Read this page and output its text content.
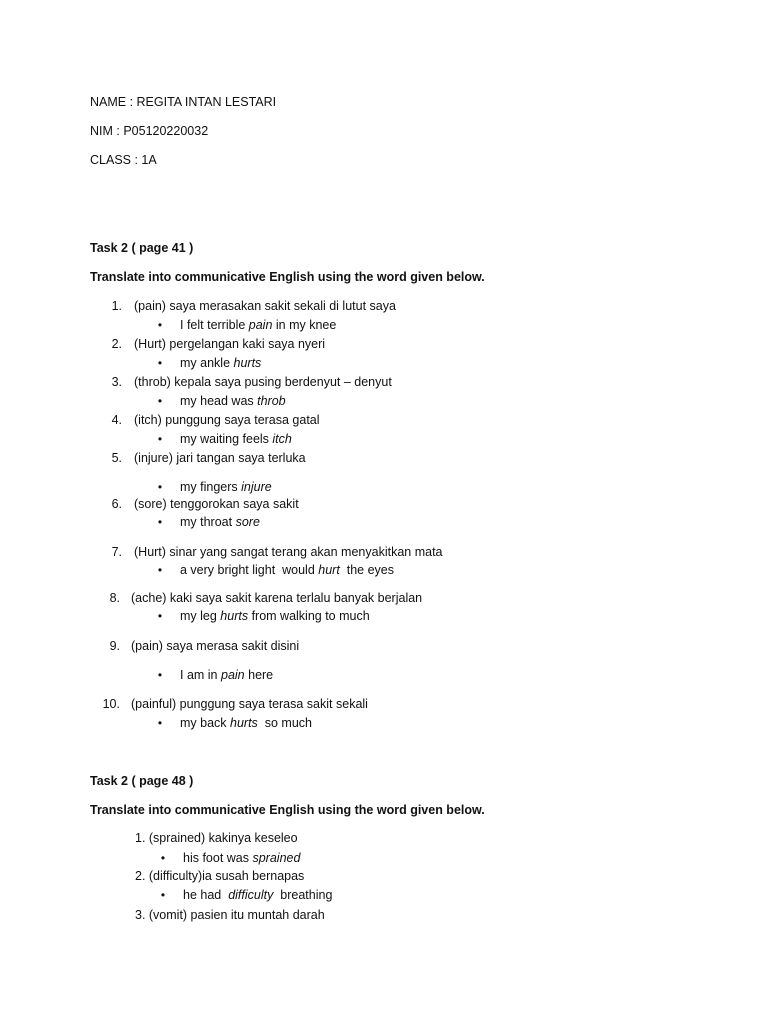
NAME : REGITA INTAN LESTARI
NIM : P05120220032
CLASS : 1A
Task 2 ( page 41 )
Translate into communicative English using the word given below.
1. (pain) saya merasakan sakit sekali di lutut saya
• I felt terrible pain in my knee
2. (Hurt) pergelangan kaki saya nyeri
• my ankle hurts
3. (throb) kepala saya pusing berdenyut – denyut
• my head was throb
4. (itch) punggung saya terasa gatal
• my waiting feels itch
5. (injure) jari tangan saya terluka
• my fingers injure
6. (sore) tenggorokan saya sakit
• my throat sore
7. (Hurt) sinar yang sangat terang akan menyakitkan mata
• a very bright light  would hurt  the eyes
8. (ache) kaki saya sakit karena terlalu banyak berjalan
• my leg hurts from walking to much
9. (pain) saya merasa sakit disini
• I am in pain here
10. (painful) punggung saya terasa sakit sekali
• my back hurts  so much
Task 2 ( page 48 )
Translate into communicative English using the word given below.
1. (sprained) kakinya keseleo
• his foot was sprained
2. (difficulty)ia susah bernapas
• he had  difficulty  breathing
3. (vomit) pasien itu muntah darah
